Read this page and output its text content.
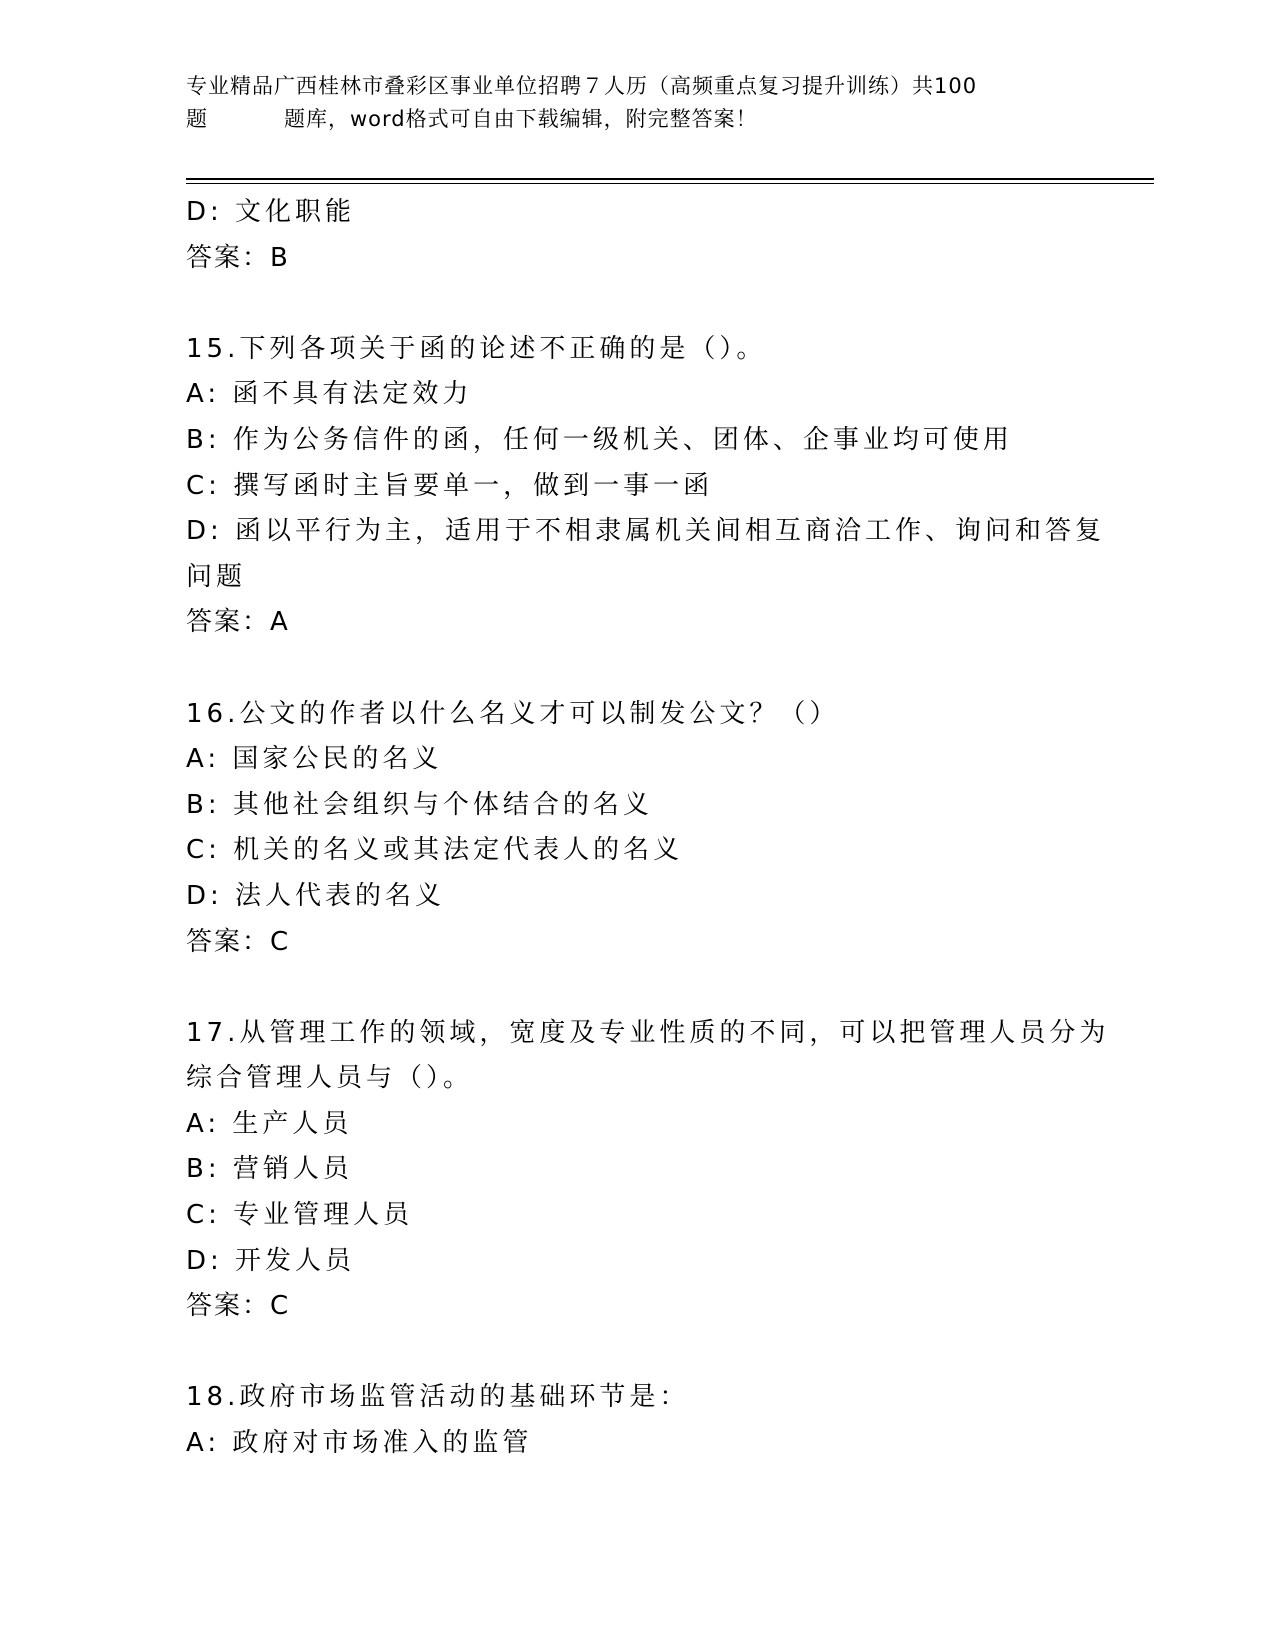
专业精品广西桂林市叠彩区事业单位招聘７人历（高频重点复习提升训练）共100
题	题库，word格式可自由下载编辑，附完整答案！
D: 文化职能
答案：B
15.下列各项关于函的论述不正确的是（）。
A: 函不具有法定效力
B: 作为公务信件的函，任何一级机关、团体、企事业均可使用
C: 撰写函时主旨要单一，做到一事一函
D: 函以平行为主，适用于不相隶属机关间相互商洽工作、询问和答复
问题
答案：A
16.公文的作者以什么名义才可以制发公文？（）
A: 国家公民的名义
B: 其他社会组织与个体结合的名义
C: 机关的名义或其法定代表人的名义
D: 法人代表的名义
答案：C
17.从管理工作的领域，宽度及专业性质的不同，可以把管理人员分为
综合管理人员与（）。
A: 生产人员
B: 营销人员
C: 专业管理人员
D: 开发人员
答案：C
18.政府市场监管活动的基础环节是：
A: 政府对市场准入的监管
